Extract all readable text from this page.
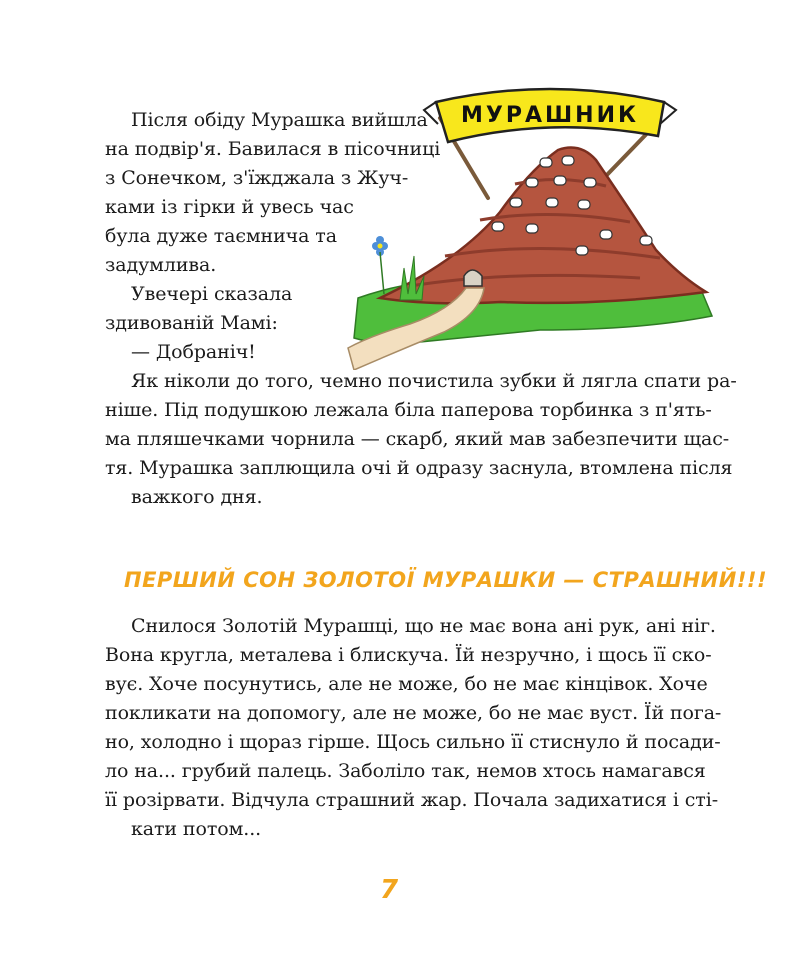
МУРАШНИК
Після обіду Мурашка вийшла
на подвір'я. Бавилася в пісочниці
з Сонечком, з'їжджала з Жуч-
ками із гірки й увесь час
була дуже таємнича та
задумлива.
Увечері сказала
здивованій Мамі:
— Добраніч!
Як ніколи до того, чемно почистила зубки й лягла спати ра-
ніше. Під подушкою лежала біла паперова торбинка з п'ять-
ма пляшечками чорнила — скарб, який мав забезпечити щас-
тя. Мурашка заплющила очі й одразу заснула, втомлена після
важкого дня.
ПЕРШИЙ СОН ЗОЛОТОЇ МУРАШКИ — СТРАШНИЙ!!!
Снилося Золотій Мурашці, що не має вона ані рук, ані ніг.
Вона кругла, металева і блискуча. Їй незручно, і щось її ско-
вує. Хоче посунутись, але не може, бо не має кінцівок. Хоче
покликати на допомогу, але не може, бо не має вуст. Їй пога-
но, холодно і щораз гірше. Щось сильно її стиснуло й посади-
ло на... грубий палець. Заболіло так, немов хтось намагався
її розірвати. Відчула страшний жар. Почала задихатися і сті-
кати потом...
7
